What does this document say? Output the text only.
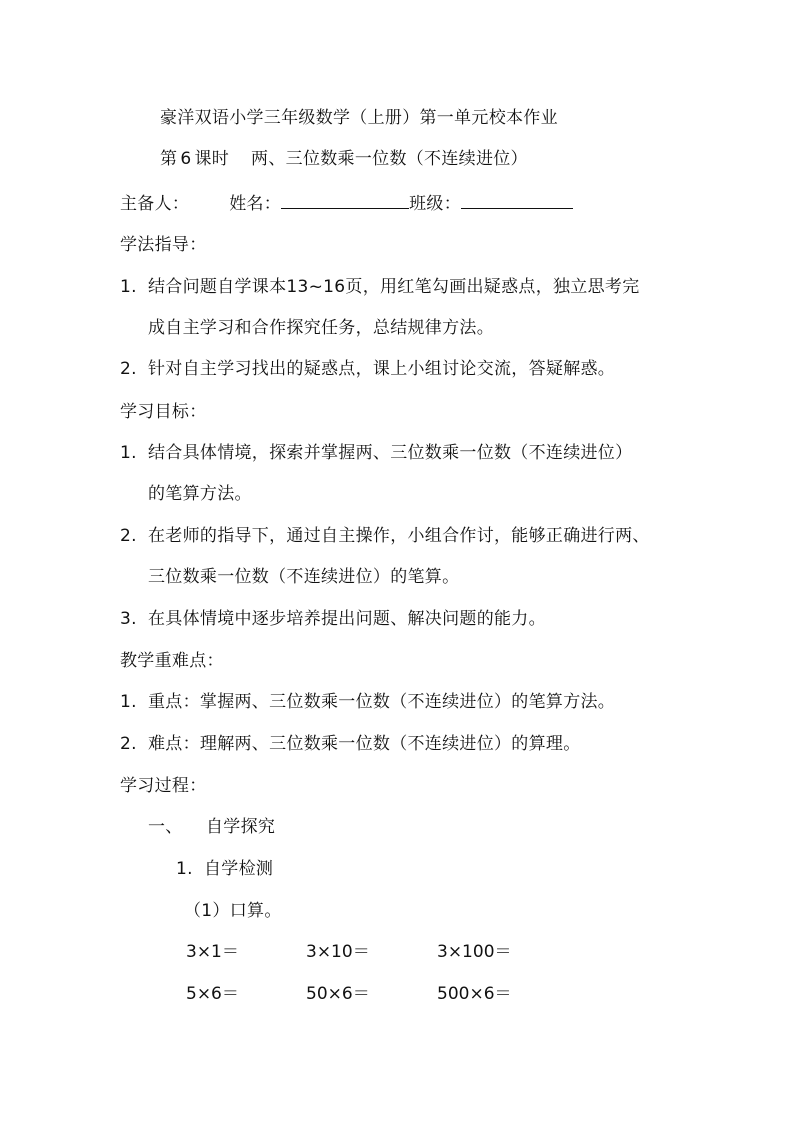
豪洋双语小学三年级数学（上册）第一单元校本作业
第 6 课时 两、三位数乘一位数（不连续进位）
主备人： 姓名：	班级：
学法指导：
1. 结合问题自学课本13~16页，用红笔勾画出疑惑点，独立思考完
成自主学习和合作探究任务，总结规律方法。
2. 针对自主学习找出的疑惑点，课上小组讨论交流，答疑解惑。
学习目标：
1. 结合具体情境，探索并掌握两、三位数乘一位数（不连续进位）
的笔算方法。
2. 在老师的指导下，通过自主操作，小组合作讨，能够正确进行两、
三位数乘一位数（不连续进位）的笔算。
3. 在具体情境中逐步培养提出问题、解决问题的能力。
教学重难点：
1. 重点：掌握两、三位数乘一位数（不连续进位）的笔算方法。
2. 难点：理解两、三位数乘一位数（不连续进位）的算理。
学习过程：
一、 自学探究
1. 自学检测
（1）口算。
3×1＝	3×10＝	3×100＝
5×6＝	50×6＝	500×6＝
